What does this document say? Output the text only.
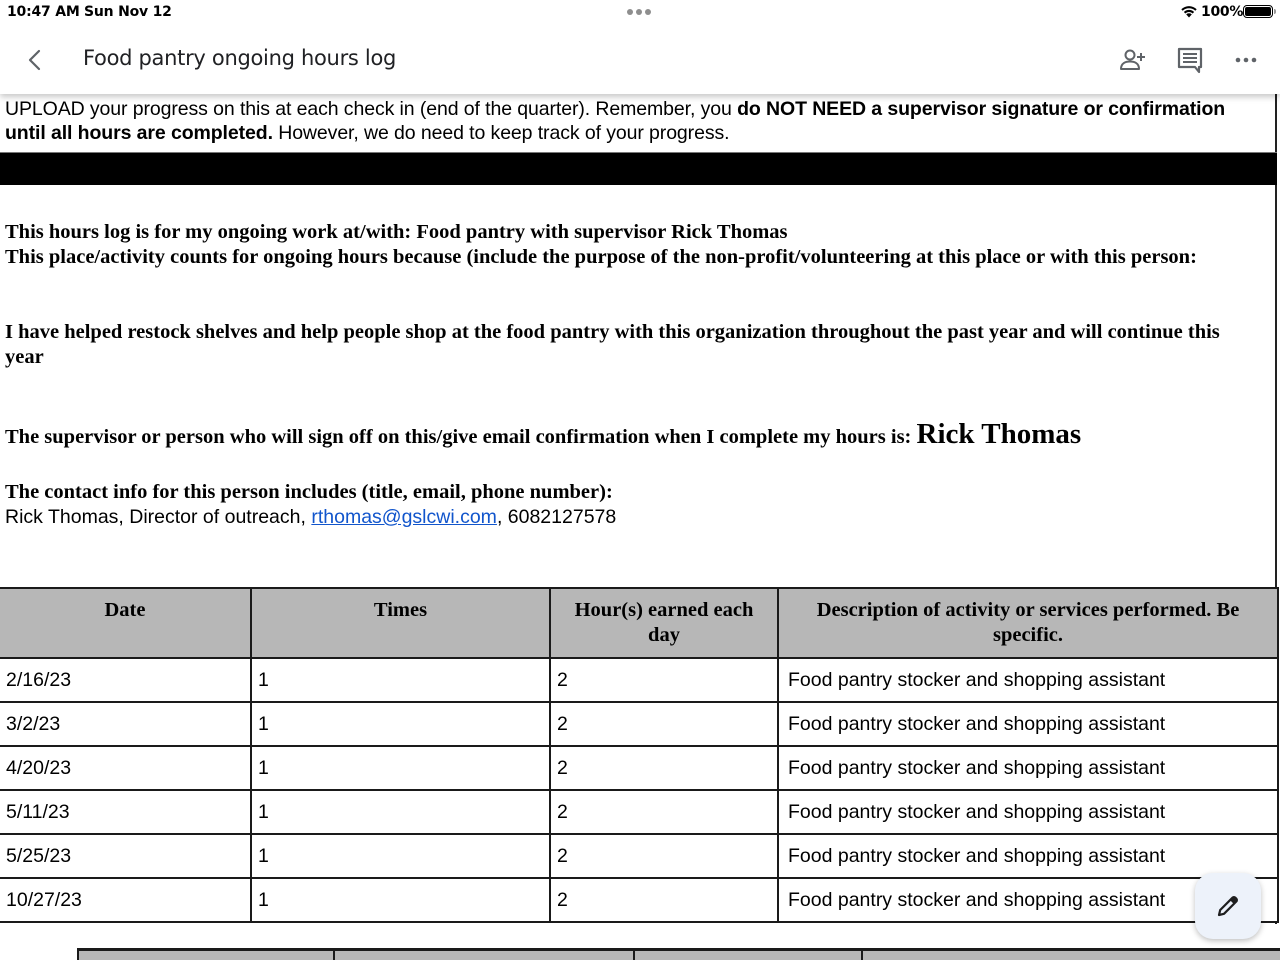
10:47 AM Sun Nov 12	100%
Food pantry ongoing hours log
UPLOAD your progress on this at each check in (end of the quarter). Remember, you do NOT NEED a supervisor signature or confirmation until all hours are completed. However, we do need to keep track of your progress.
This hours log is for my ongoing work at/with: Food pantry with supervisor Rick Thomas
This place/activity counts for ongoing hours because (include the purpose of the non-profit/volunteering at this place or with this person:
I have helped restock shelves and help people shop at the food pantry with this organization throughout the past year and will continue this year
The supervisor or person who will sign off on this/give email confirmation when I complete my hours is: Rick Thomas
The contact info for this person includes (title, email, phone number):
Rick Thomas, Director of outreach, rthomas@gslcwi.com, 6082127578
Date	Times	Hour(s) earned each day	Description of activity or services performed. Be specific.
2/16/23	1	2	Food pantry stocker and shopping assistant
3/2/23	1	2	Food pantry stocker and shopping assistant
4/20/23	1	2	Food pantry stocker and shopping assistant
5/11/23	1	2	Food pantry stocker and shopping assistant
5/25/23	1	2	Food pantry stocker and shopping assistant
10/27/23	1	2	Food pantry stocker and shopping assistant
